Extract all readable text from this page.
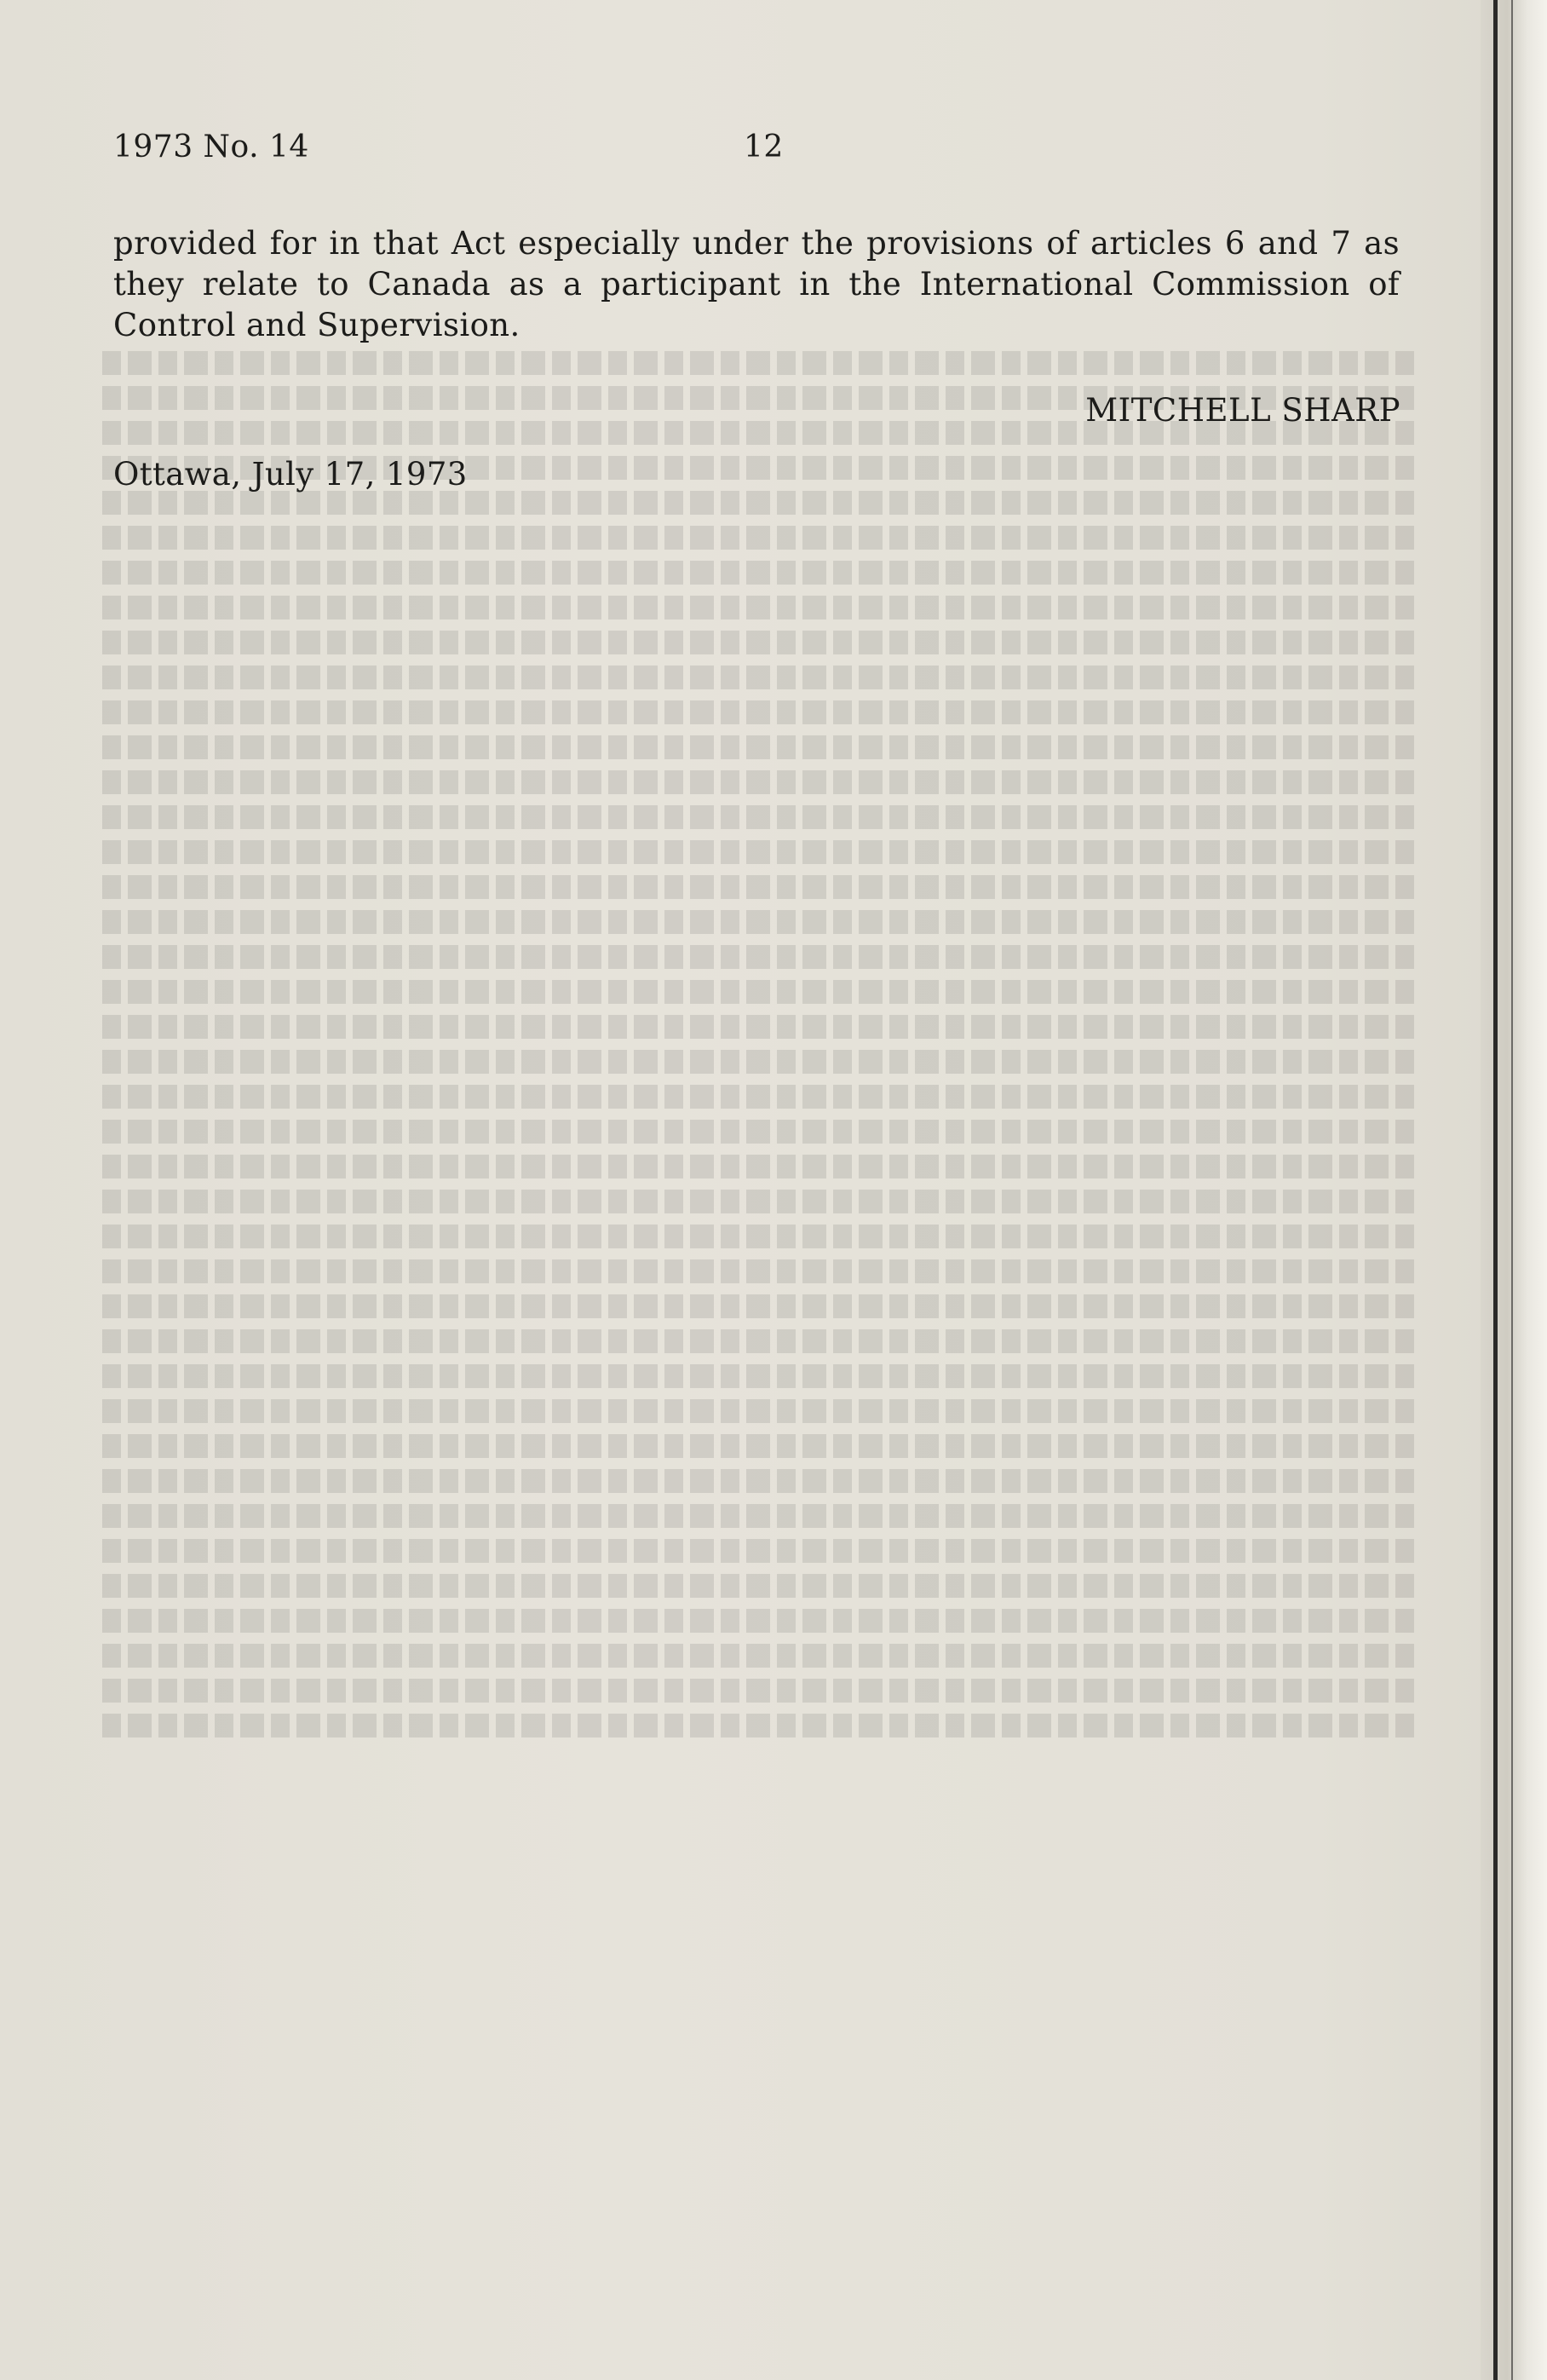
1973 No. 14	12
provided for in that Act especially under the provisions of articles 6 and 7 as
they relate to Canada as a participant in the International Commission of
Control and Supervision.
MITCHELL SHARP
Ottawa, July 17, 1973
